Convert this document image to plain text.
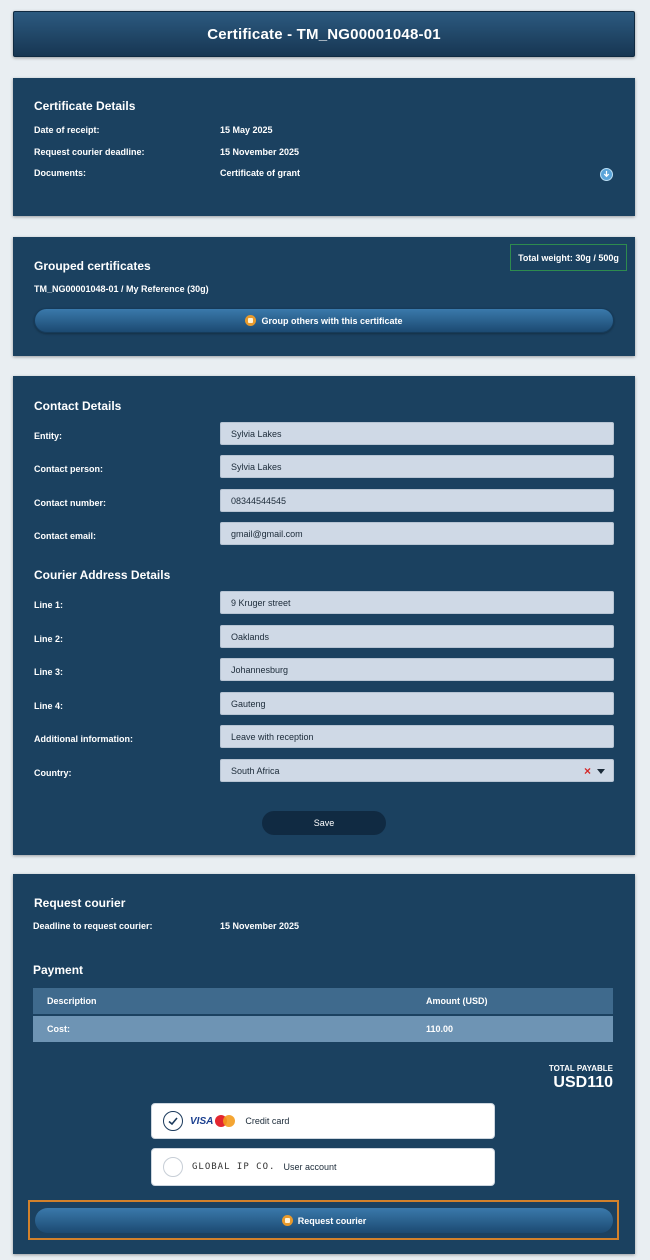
Certificate - TM_NG00001048-01
Certificate Details
Date of receipt:	15 May 2025
Request courier deadline:	15 November 2025
Documents:	Certificate of grant
Total weight: 30g / 500g
Grouped certificates
TM_NG00001048-01 / My Reference (30g)
Group others with this certificate
Contact Details
Entity:	Sylvia Lakes
Contact person:	Sylvia Lakes
Contact number:	08344544545
Contact email:	gmail@gmail.com
Courier Address Details
Line 1:	9 Kruger street
Line 2:	Oaklands
Line 3:	Johannesburg
Line 4:	Gauteng
Additional information:	Leave with reception
Country:	South Africa	×
Save
Request courier
Deadline to request courier:	15 November 2025
Payment
Description	Amount (USD)
Cost:	110.00
TOTAL PAYABLE
USD110
VISA	Credit card
GLOBAL IP CO. User account
Request courier
